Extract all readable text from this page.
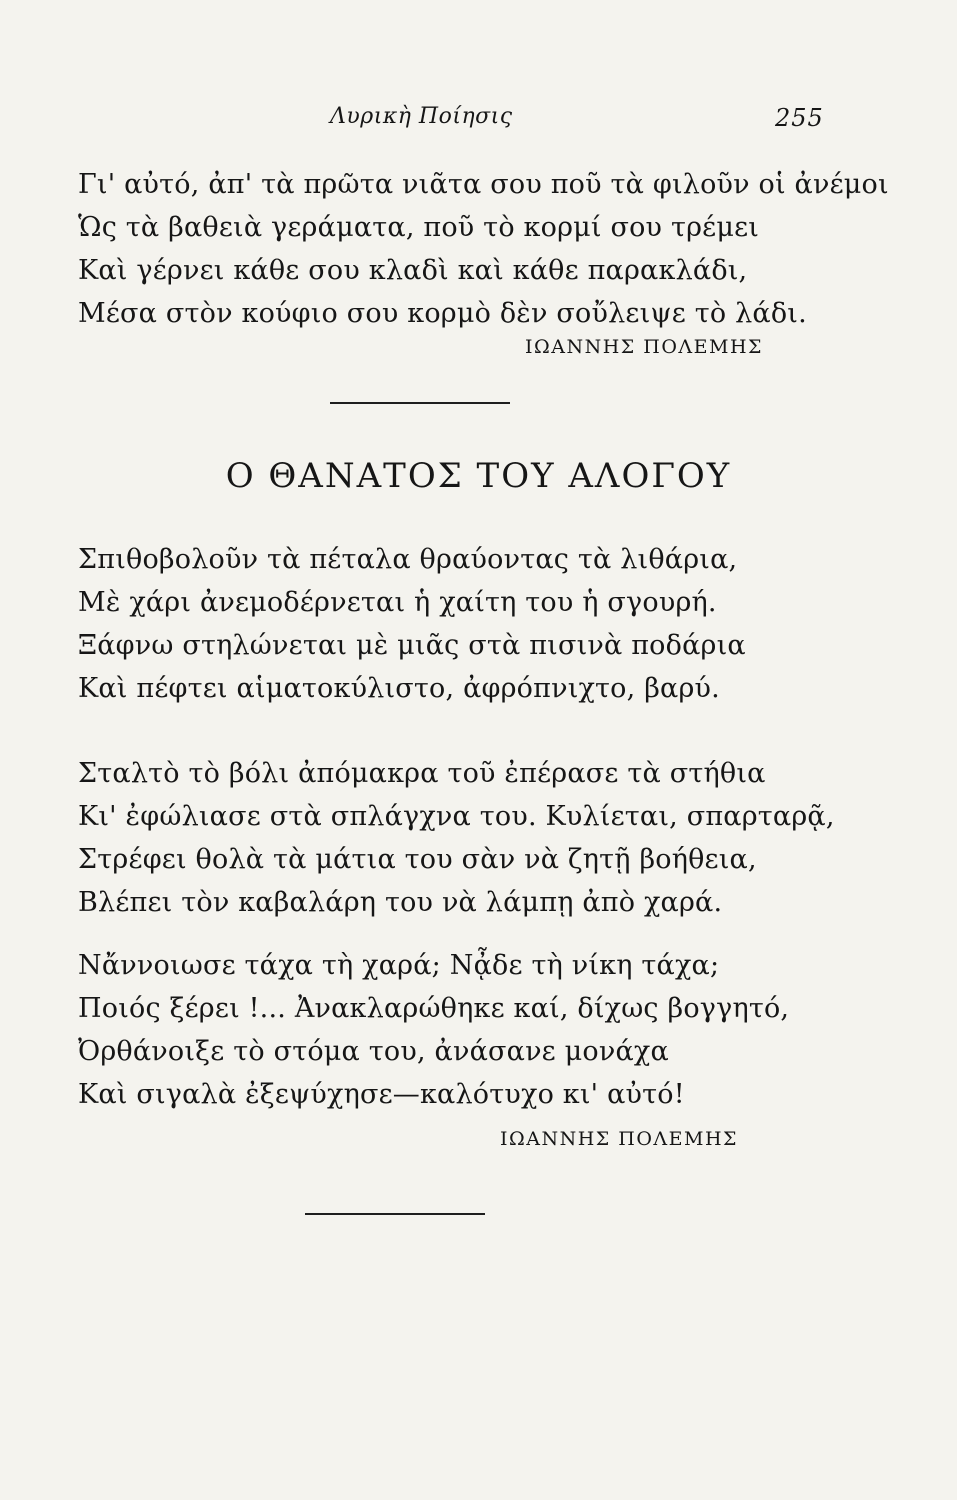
Λυρικὴ Ποίησις	255
Γι' αὐτό, ἀπ' τὰ πρῶτα νιᾶτα σου ποῦ τὰ φιλοῦν οἱ ἀνέμοι
Ὡς τὰ βαθειὰ γεράματα, ποῦ τὸ κορμί σου τρέμει
Καὶ γέρνει κάθε σου κλαδὶ καὶ κάθε παρακλάδι,
Μέσα στὸν κούφιο σου κορμὸ δὲν σοὔλειψε τὸ λάδι.
ΙΩΑΝΝΗΣ ΠΟΛΕΜΗΣ
Ο ΘΑΝΑΤΟΣ ΤΟΥ ΑΛΟΓΟΥ
Σπιθοβολοῦν τὰ πέταλα θραύοντας τὰ λιθάρια,
Μὲ χάρι ἀνεμοδέρνεται ἡ χαίτη του ἡ σγουρή.
Ξάφνω στηλώνεται μὲ μιᾶς στὰ πισινὰ ποδάρια
Καὶ πέφτει αἱματοκύλιστο, ἀφρόπνιχτο, βαρύ.
Σταλτὸ τὸ βόλι ἀπόμακρα τοῦ ἐπέρασε τὰ στήθια
Κι' ἐφώλιασε στὰ σπλάγχνα του. Κυλίεται, σπαρταρᾷ,
Στρέφει θολὰ τὰ μάτια του σὰν νὰ ζητῇ βοήθεια,
Βλέπει τὸν καβαλάρη του νὰ λάμπῃ ἀπὸ χαρά.
Νἄννοιωσε τάχα τὴ χαρά; Νᾆδε τὴ νίκη τάχα;
Ποιός ξέρει !... Ἀνακλαρώθηκε καί, δίχως βογγητό,
Ὀρθάνοιξε τὸ στόμα του, ἀνάσανε μονάχα
Καὶ σιγαλὰ ἐξεψύχησε—καλότυχο κι' αὐτό!
ΙΩΑΝΝΗΣ ΠΟΛΕΜΗΣ
